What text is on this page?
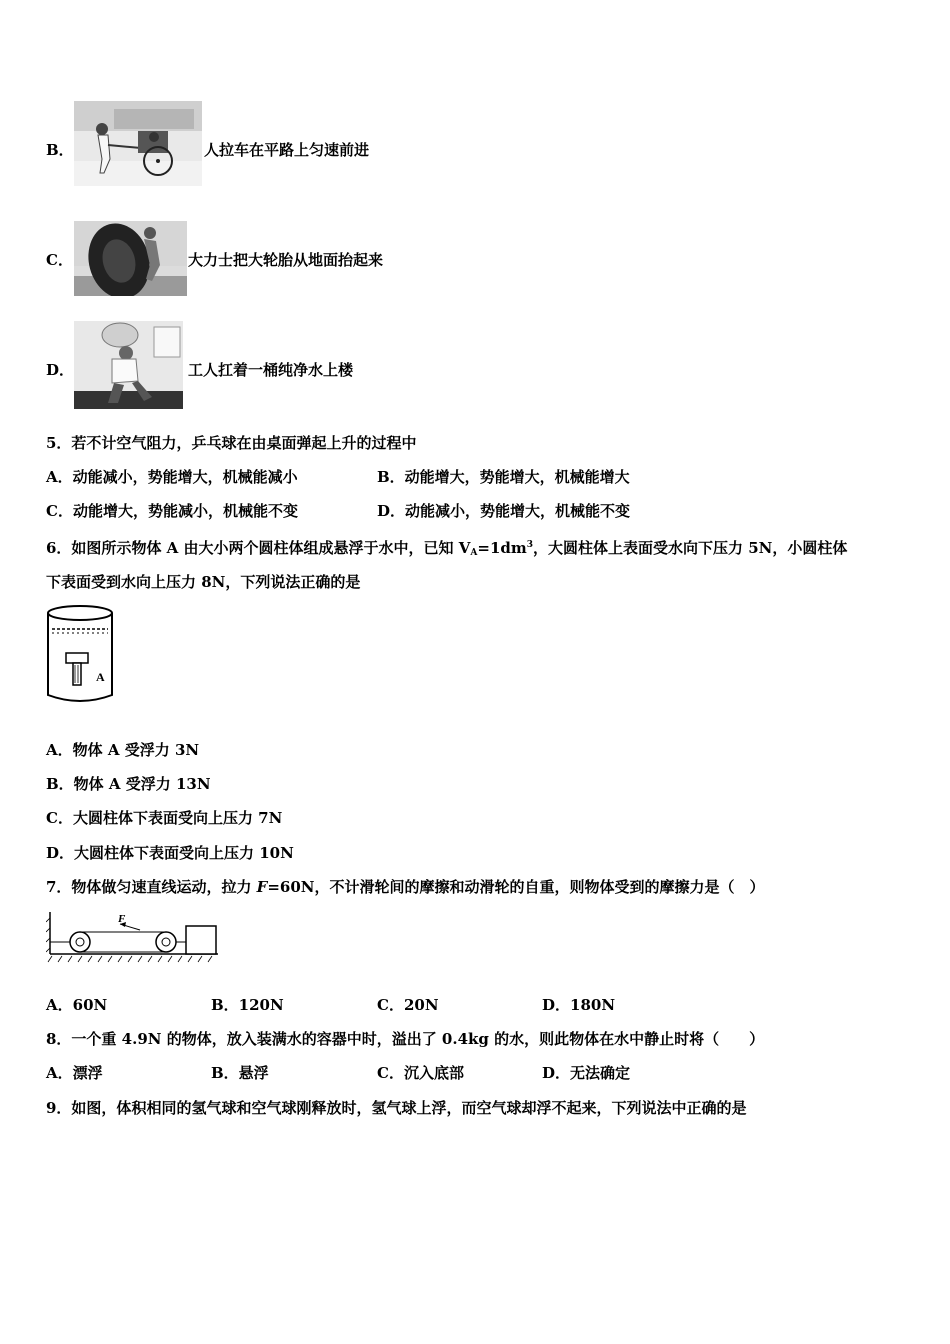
B．	人拉车在平路上匀速前进
C．	大力士把大轮胎从地面抬起来
D．	工人扛着一桶纯净水上楼
5．若不计空气阻力，乒乓球在由桌面弹起上升的过程中
A．动能减小，势能增大，机械能减小	B．动能增大，势能增大，机械能增大
C．动能增大，势能减小，机械能不变	D．动能减小，势能增大，机械能不变
6．如图所示物体 A 由大小两个圆柱体组成悬浮于水中，已知 $V_A=1dm^3$，大圆柱体上表面受水向下压力 5N，小圆柱体
下表面受到水向上压力 8N，下列说法正确的是
A
A．物体 A 受浮力 3N
B．物体 A 受浮力 13N
C．大圆柱体下表面受向上压力 7N
D．大圆柱体下表面受向上压力 10N
7．物体做匀速直线运动，拉力 F=60N，不计滑轮间的摩擦和动滑轮的自重，则物体受到的摩擦力是（　）
F
A．60N	B．120N	C．20N	D．180N
8．一个重 4.9N 的物体，放入装满水的容器中时，溢出了 0.4kg 的水，则此物体在水中静止时将（　　）
A．漂浮	B．悬浮	C．沉入底部	D．无法确定
9．如图，体积相同的氢气球和空气球刚释放时，氢气球上浮，而空气球却浮不起来，下列说法中正确的是
